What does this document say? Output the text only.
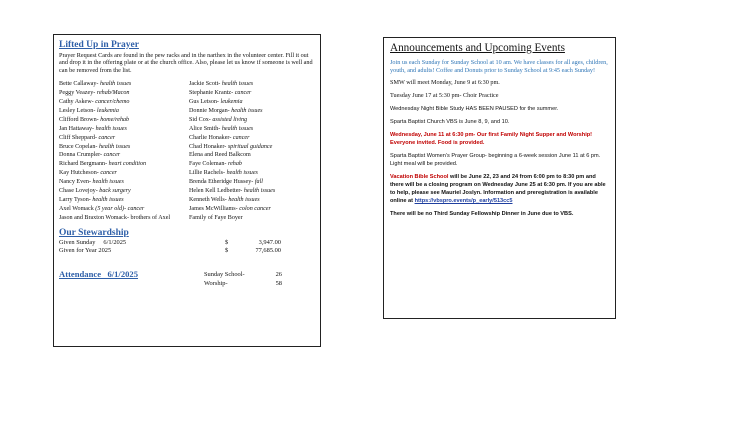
Lifted Up in Prayer
Prayer Request Cards are found in the pew racks and in the narthex in the volunteer center. Fill it out and drop it in the offering plate or at the church office. Also, please let us know if someone is well and can be removed from the list.
Bette Callaway- health issues	Jackie Scott- health issues
Peggy Veazey- rehab/Macon	Stephanie Krantz- cancer
Cathy Askew- cancer/chemo	Gus Letson- leukemia
Lesley Letson- leukemia	Donnie Morgan- health issues
Clifford Brown- home/rehab	Sid Cox- assisted living
Jan Hattaway- health issues	Alice Smith- health issues
Cliff Sheppard- cancer	Charlie Honaker- cancer
Bruce Copelan- health issues	Chad Honaker- spiritual guidance
Donna Crumpler- cancer	Elena and Reed Balkcom
Richard Bergmann- heart condition	Faye Coleman- rehab
Kay Hutcheson- cancer	Lillie Rachels- health issues
Nancy Even- health issues	Brenda Etheridge Hussey- fall
Chase Lovejoy- back surgery	Helen Kell Ledbetter- health issues
Larry Tyson- health issues	Kenneth Wells- health issues
Axel Womack (5 year old)- cancer	James McWilliams- colon cancer
Jason and Braxton Womack- brothers of Axel	Family of Faye Boyer
Our Stewardship
Given Sunday     6/1/2025	$	3,947.00
Given for Year 2025	$	77,685.00
Attendance   6/1/2025	Sunday School-	26
Worship-	58
Announcements and Upcoming Events

Join us each Sunday for Sunday School at 10 am. We have classes for all ages, children, youth, and adults! Coffee and Donuts prior to Sunday School at 9:45 each Sunday!

SMW will meet Monday, June 9 at 6:30 pm.

Tuesday June 17 at 5:30 pm- Choir Practice

Wednesday Night Bible Study HAS BEEN PAUSED for the summer.

Sparta Baptist Church VBS is June 8, 9, and 10.

Wednesday, June 11 at 6:30 pm- Our first Family Night Supper and Worship! Everyone invited. Food is provided.

Sparta Baptist Women’s Prayer Group- beginning a 6-week session June 11 at 6 pm. Light meal will be provided.

Vacation Bible School will be June 22, 23 and 24 from 6:00 pm to 8:30 pm and there will be a closing program on Wednesday June 25 at 6:30 pm. If you are able to help, please see Mauriel Joslyn. Information and preregistration is available online at https://vbspro.events/p_early/513cc5

There will be no Third Sunday Fellowship Dinner in June due to VBS.
